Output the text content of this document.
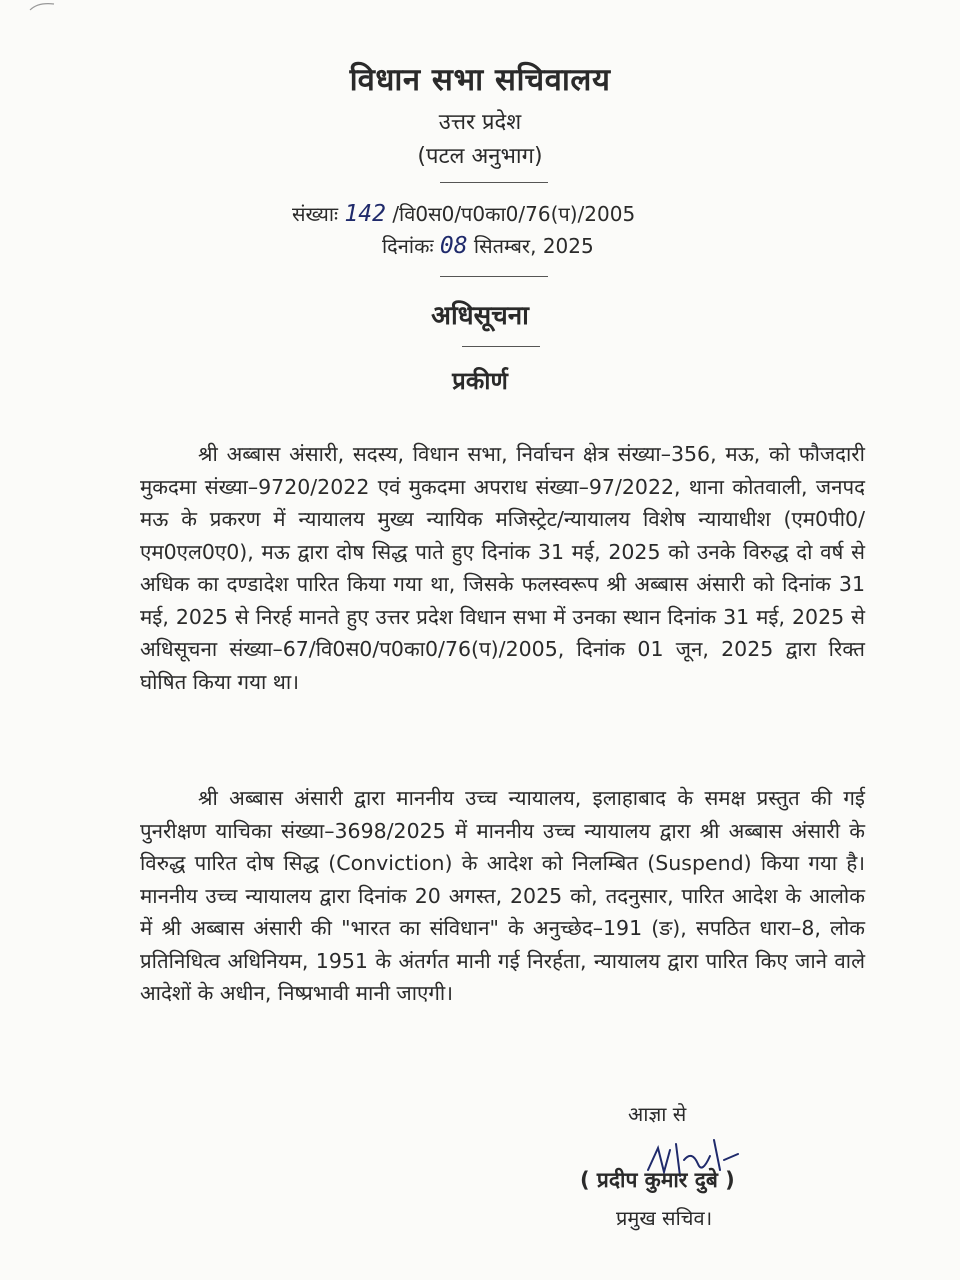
विधान सभा सचिवालय
उत्तर प्रदेश
(पटल अनुभाग)
संख्याः 142 /वि0स0/प0का0/76(प)/2005
दिनांकः 08 सितम्बर, 2025
अधिसूचना
प्रकीर्ण

श्री अब्बास अंसारी, सदस्य, विधान सभा, निर्वाचन क्षेत्र संख्या–356, मऊ, को फौजदारी मुकदमा संख्या–9720/2022 एवं मुकदमा अपराध संख्या–97/2022, थाना कोतवाली, जनपद मऊ के प्रकरण में न्यायालय मुख्य न्यायिक मजिस्ट्रेट/न्यायालय विशेष न्यायाधीश (एम0पी0/एम0एल0ए0), मऊ द्वारा दोष सिद्ध पाते हुए दिनांक 31 मई, 2025 को उनके विरुद्ध दो वर्ष से अधिक का दण्डादेश पारित किया गया था, जिसके फलस्वरूप श्री अब्बास अंसारी को दिनांक 31 मई, 2025 से निरर्ह मानते हुए उत्तर प्रदेश विधान सभा में उनका स्थान दिनांक 31 मई, 2025 से अधिसूचना संख्या–67/वि0स0/प0का0/76(प)/2005, दिनांक 01 जून, 2025 द्वारा रिक्त घोषित किया गया था।

श्री अब्बास अंसारी द्वारा माननीय उच्च न्यायालय, इलाहाबाद के समक्ष प्रस्तुत की गई पुनरीक्षण याचिका संख्या–3698/2025 में माननीय उच्च न्यायालय द्वारा श्री अब्बास अंसारी के विरुद्ध पारित दोष सिद्ध (Conviction) के आदेश को निलम्बित (Suspend) किया गया है। माननीय उच्च न्यायालय द्वारा दिनांक 20 अगस्त, 2025 को, तदनुसार, पारित आदेश के आलोक में श्री अब्बास अंसारी की "भारत का संविधान" के अनुच्छेद–191 (ङ), सपठित धारा–8, लोक प्रतिनिधित्व अधिनियम, 1951 के अंतर्गत मानी गई निरर्हता, न्यायालय द्वारा पारित किए जाने वाले आदेशों के अधीन, निष्प्रभावी मानी जाएगी।

आज्ञा से
( प्रदीप कुमार दुबे )
प्रमुख सचिव।
